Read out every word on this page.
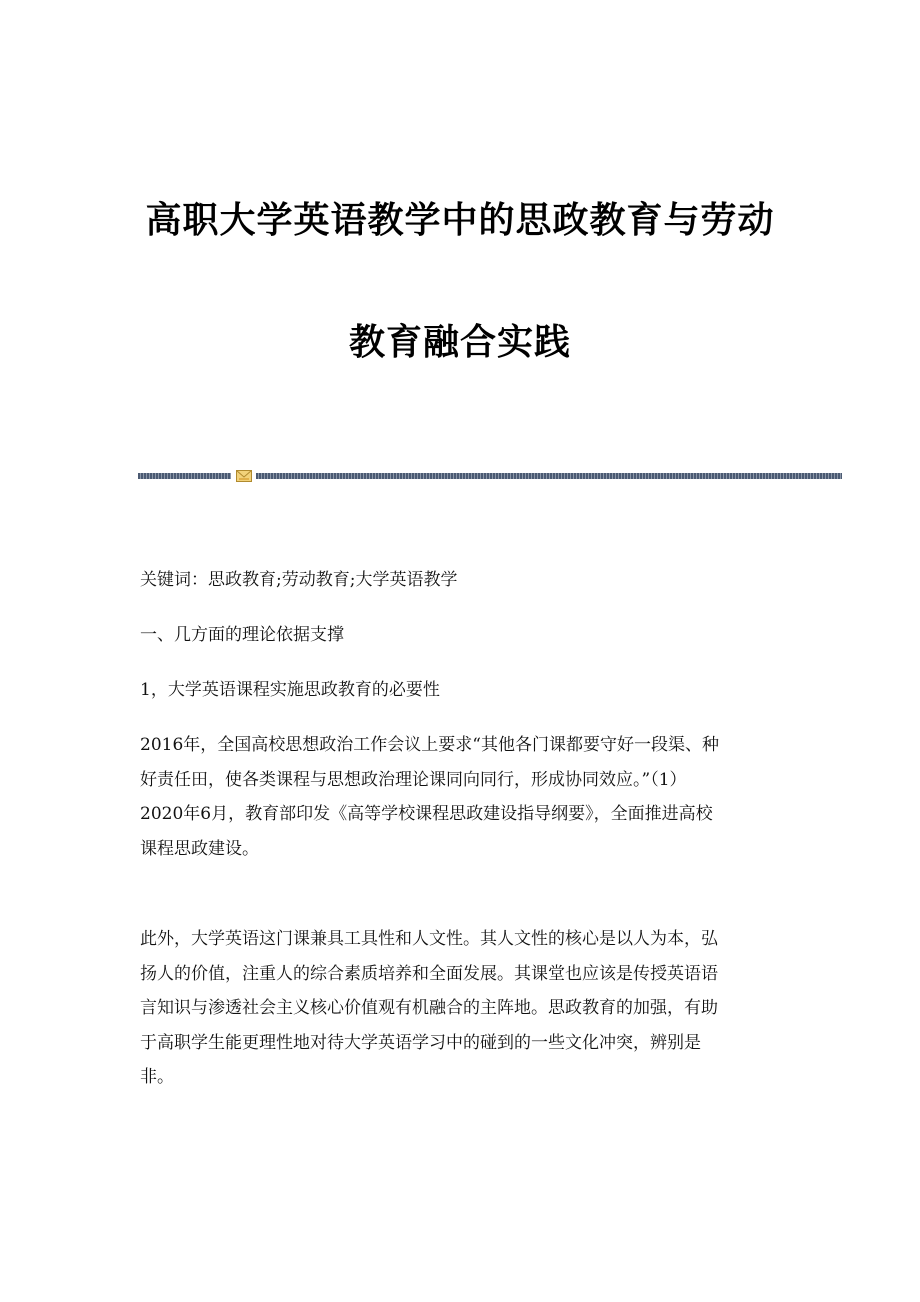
高职大学英语教学中的思政教育与劳动
教育融合实践

关键词：思政教育;劳动教育;大学英语教学

一、几方面的理论依据支撑

1，大学英语课程实施思政教育的必要性

2016年，全国高校思想政治工作会议上要求“其他各门课都要守好一段渠、种
好责任田，使各类课程与思想政治理论课同向同行，形成协同效应。”（1）
2020年6月，教育部印发《高等学校课程思政建设指导纲要》，全面推进高校
课程思政建设。
此外，大学英语这门课兼具工具性和人文性。其人文性的核心是以人为本，弘
扬人的价值，注重人的综合素质培养和全面发展。其课堂也应该是传授英语语
言知识与渗透社会主义核心价值观有机融合的主阵地。思政教育的加强，有助
于高职学生能更理性地对待大学英语学习中的碰到的一些文化冲突，辨别是
非。
